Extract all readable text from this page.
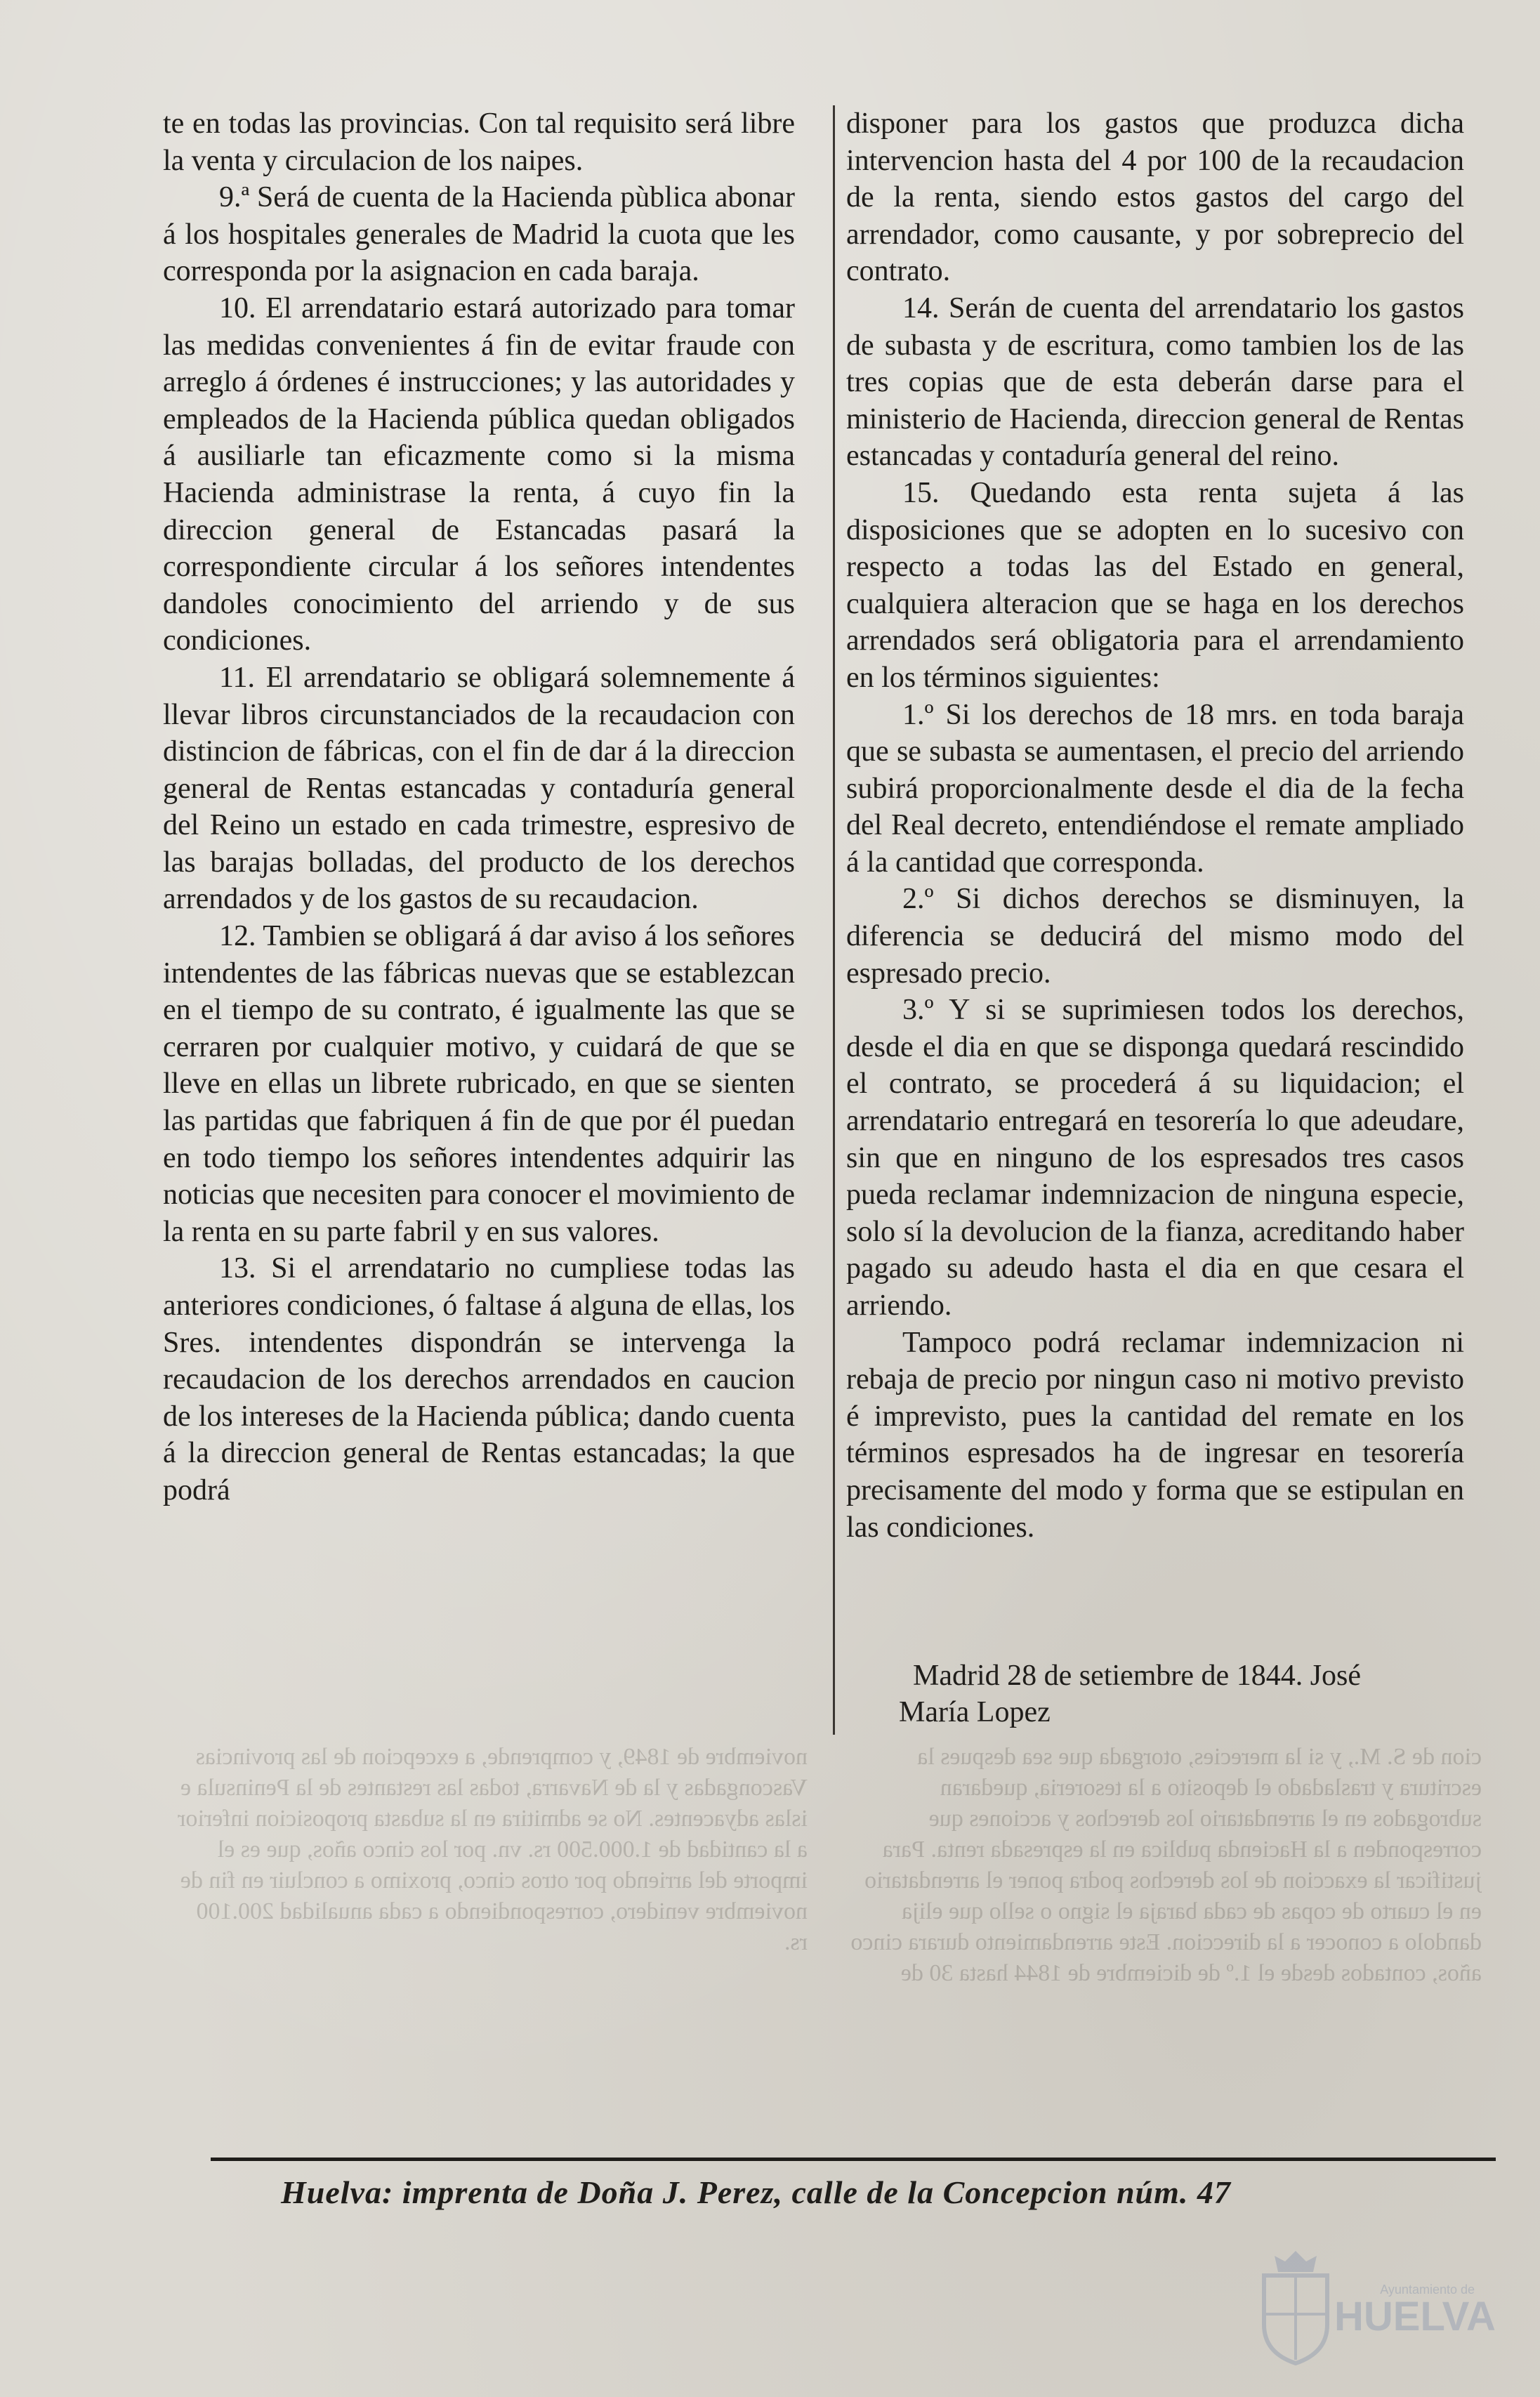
cion de S. M., y si la merecies, otorgada que sea despues la escritura y trasladado el deposito a la tesoreria, quedaran subrogados en el arrendatario los derechos y acciones que corresponden a la Hacienda publica en la espresada renta. Para justificar la exaccion de los derechos podra poner el arrendatario en el cuarto de copas de cada baraja el signo o sello que elija dandolo a conocer a la direccion. Este arrendamiento durara cinco años, contados desde el 1.º de diciembre de 1844 hasta 30 de noviembre de 1849, y comprende, a excepcion de las provincias Vascongadas y la de Navarra, todas las restantes de la Peninsula e islas adyacentes. No se admitira en la subasta proposicion inferior a la cantidad de 1.000.500 rs. vn. por los cinco años, que es el importe del arriendo por otros cinco, proximo a concluir en fin de noviembre venidero, correspondiendo a cada anualidad 200.100 rs.

te en todas las provincias. Con tal requisito será libre la venta y circulacion de los naipes.

9.ª Será de cuenta de la Hacienda pùblica abonar á los hospitales generales de Madrid la cuota que les corresponda por la asignacion en cada baraja.

10. El arrendatario estará autorizado para tomar las medidas convenientes á fin de evitar fraude con arreglo á órdenes é instrucciones; y las autoridades y empleados de la Hacienda pública quedan obligados á ausiliarle tan eficazmente como si la misma Hacienda administrase la renta, á cuyo fin la direccion general de Estancadas pasará la correspondiente circular á los señores intendentes dandoles conocimiento del arriendo y de sus condiciones.

11. El arrendatario se obligará solemnemente á llevar libros circunstanciados de la recaudacion con distincion de fábricas, con el fin de dar á la direccion general de Rentas estancadas y contaduría general del Reino un estado en cada trimestre, espresivo de las barajas bolladas, del producto de los derechos arrendados y de los gastos de su recaudacion.

12. Tambien se obligará á dar aviso á los señores intendentes de las fábricas nuevas que se establezcan en el tiempo de su contrato, é igualmente las que se cerraren por cualquier motivo, y cuidará de que se lleve en ellas un librete rubricado, en que se sienten las partidas que fabriquen á fin de que por él puedan en todo tiempo los señores intendentes adquirir las noticias que necesiten para conocer el movimiento de la renta en su parte fabril y en sus valores.

13. Si el arrendatario no cumpliese todas las anteriores condiciones, ó faltase á alguna de ellas, los Sres. intendentes dispondrán se intervenga la recaudacion de los derechos arrendados en caucion de los intereses de la Hacienda pública; dando cuenta á la direccion general de Rentas estancadas; la que podrá

disponer para los gastos que produzca dicha intervencion hasta del 4 por 100 de la recaudacion de la renta, siendo estos gastos del cargo del arrendador, como causante, y por sobreprecio del contrato.

14. Serán de cuenta del arrendatario los gastos de subasta y de escritura, como tambien los de las tres copias que de esta deberán darse para el ministerio de Hacienda, direccion general de Rentas estancadas y contaduría general del reino.

15. Quedando esta renta sujeta á las disposiciones que se adopten en lo sucesivo con respecto a todas las del Estado en general, cualquiera alteracion que se haga en los derechos arrendados será obligatoria para el arrendamiento en los términos siguientes:

1.º Si los derechos de 18 mrs. en toda baraja que se subasta se aumentasen, el precio del arriendo subirá proporcionalmente desde el dia de la fecha del Real decreto, entendiéndose el remate ampliado á la cantidad que corresponda.

2.º Si dichos derechos se disminuyen, la diferencia se deducirá del mismo modo del espresado precio.

3.º Y si se suprimiesen todos los derechos, desde el dia en que se disponga quedará rescindido el contrato, se procederá á su liquidacion; el arrendatario entregará en tesorería lo que adeudare, sin que en ninguno de los espresados tres casos pueda reclamar indemnizacion de ninguna especie, solo sí la devolucion de la fianza, acreditando haber pagado su adeudo hasta el dia en que cesara el arriendo.

Tampoco podrá reclamar indemnizacion ni rebaja de precio por ningun caso ni motivo previsto é imprevisto, pues la cantidad del remate en los términos espresados ha de ingresar en tesorería precisamente del modo y forma que se estipulan en las condiciones.

Madrid 28 de setiembre de 1844. José
María Lopez
Huelva: imprenta de Doña J. Perez, calle de la Concepcion núm. 47
Ayuntamiento de
HUELVA
